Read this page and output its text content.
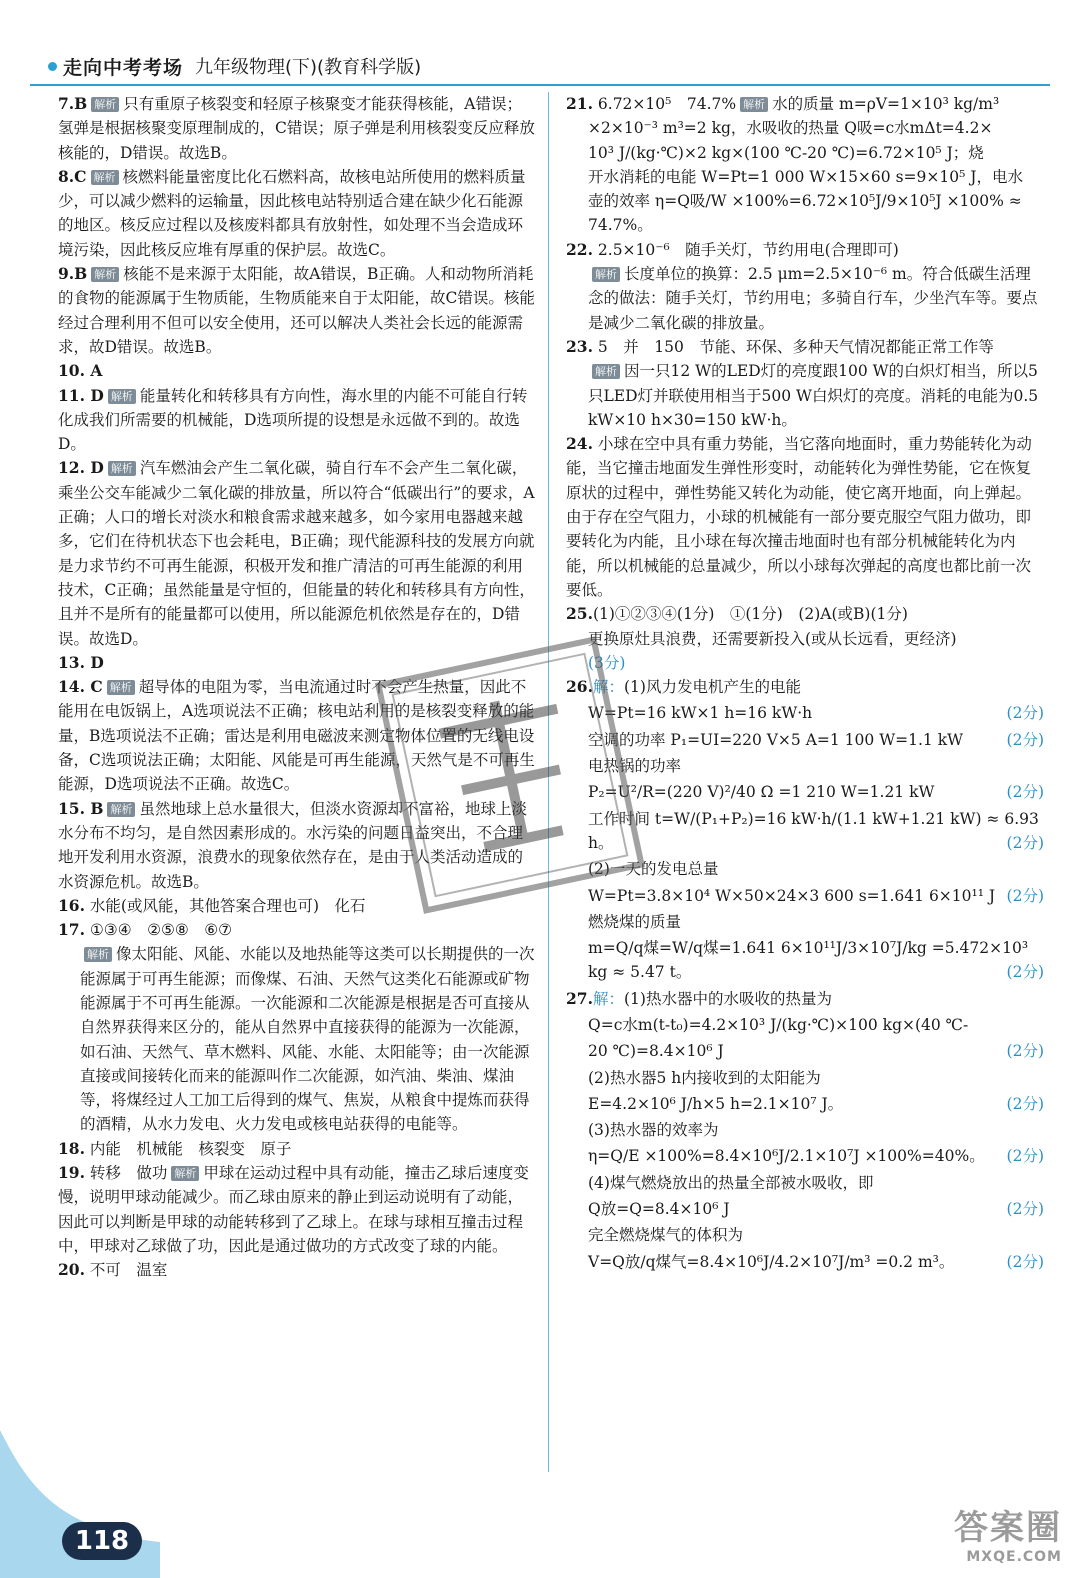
走向中考考场 九年级物理(下)(教育科学版)

7.B 解析 只有重原子核裂变和轻原子核聚变才能获得核能，A错误；氢弹是根据核聚变原理制成的，C错误；原子弹是利用核裂变反应释放核能的，D错误。故选B。

8.C 解析 核燃料能量密度比化石燃料高，故核电站所使用的燃料质量少，可以减少燃料的运输量，因此核电站特别适合建在缺少化石能源的地区。核反应过程以及核废料都具有放射性，如处理不当会造成环境污染，因此核反应堆有厚重的保护层。故选C。

9.B 解析 核能不是来源于太阳能，故A错误，B正确。人和动物所消耗的食物的能源属于生物质能，生物质能来自于太阳能，故C错误。核能经过合理利用不但可以安全使用，还可以解决人类社会长远的能源需求，故D错误。故选B。

10. A

11. D 解析 能量转化和转移具有方向性，海水里的内能不可能自行转化成我们所需要的机械能，D选项所提的设想是永远做不到的。故选D。

12. D 解析 汽车燃油会产生二氧化碳，骑自行车不会产生二氧化碳，乘坐公交车能减少二氧化碳的排放量，所以符合“低碳出行”的要求，A正确；人口的增长对淡水和粮食需求越来越多，如今家用电器越来越多，它们在待机状态下也会耗电，B正确；现代能源科技的发展方向就是力求节约不可再生能源，积极开发和推广清洁的可再生能源的利用技术，C正确；虽然能量是守恒的，但能量的转化和转移具有方向性，且并不是所有的能量都可以使用，所以能源危机依然是存在的，D错误。故选D。

13. D

14. C 解析 超导体的电阻为零，当电流通过时不会产生热量，因此不能用在电饭锅上，A选项说法不正确；核电站利用的是核裂变释放的能量，B选项说法不正确；雷达是利用电磁波来测定物体位置的无线电设备，C选项说法正确；太阳能、风能是可再生能源，天然气是不可再生能源，D选项说法不正确。故选C。

15. B 解析 虽然地球上总水量很大，但淡水资源却不富裕，地球上淡水分布不均匀，是自然因素形成的。水污染的问题日益突出，不合理地开发利用水资源，浪费水的现象依然存在，是由于人类活动造成的水资源危机。故选B。

16. 水能(或风能，其他答案合理也可)　化石

17. ①③④　②⑤⑧　⑥⑦

解析 像太阳能、风能、水能以及地热能等这类可以长期提供的一次能源属于可再生能源；而像煤、石油、天然气这类化石能源或矿物能源属于不可再生能源。一次能源和二次能源是根据是否可直接从自然界获得来区分的，能从自然界中直接获得的能源为一次能源，如石油、天然气、草木燃料、风能、水能、太阳能等；由一次能源直接或间接转化而来的能源叫作二次能源，如汽油、柴油、煤油等，将煤经过人工加工后得到的煤气、焦炭，从粮食中提炼而获得的酒精，从水力发电、火力发电或核电站获得的电能等。

18. 内能　机械能　核裂变　原子

19. 转移　做功 解析 甲球在运动过程中具有动能，撞击乙球后速度变慢，说明甲球动能减少。而乙球由原来的静止到运动说明有了动能，因此可以判断是甲球的动能转移到了乙球上。在球与球相互撞击过程中，甲球对乙球做了功，因此是通过做功的方式改变了球的内能。

20. 不可　温室

21. 6.72×10⁵　74.7% 解析 水的质量 m=ρV=1×10³ kg/m³

×2×10⁻³ m³=2 kg，水吸收的热量 Q吸=c水mΔt=4.2×

10³ J/(kg·℃)×2 kg×(100 ℃-20 ℃)=6.72×10⁵ J；烧

开水消耗的电能 W=Pt=1 000 W×15×60 s=9×10⁵ J，电水

壶的效率 η=Q吸/W ×100%=6.72×10⁵J/9×10⁵J ×100% ≈ 74.7%。

22. 2.5×10⁻⁶　随手关灯，节约用电(合理即可)

解析 长度单位的换算：2.5 μm=2.5×10⁻⁶ m。符合低碳生活理念的做法：随手关灯，节约用电；多骑自行车，少坐汽车等。要点是减少二氧化碳的排放量。

23. 5　并　150　节能、环保、多种天气情况都能正常工作等

解析 因一只12 W的LED灯的亮度跟100 W的白炽灯相当，所以5只LED灯并联使用相当于500 W白炽灯的亮度。消耗的电能为0.5 kW×10 h×30=150 kW·h。

24. 小球在空中具有重力势能，当它落向地面时，重力势能转化为动能，当它撞击地面发生弹性形变时，动能转化为弹性势能，它在恢复原状的过程中，弹性势能又转化为动能，使它离开地面，向上弹起。由于存在空气阻力，小球的机械能有一部分要克服空气阻力做功，即要转化为内能，且小球在每次撞击地面时也有部分机械能转化为内能，所以机械能的总量减少，所以小球每次弹起的高度也都比前一次要低。

25.(1)①②③④(1分)　①(1分)　(2)A(或B)(1分)

更换原灶具浪费，还需要新投入(或从长远看，更经济)

(3分)

26.解：(1)风力发电机产生的电能

W=Pt=16 kW×1 h=16 kW·h	(2分)

空调的功率 P₁=UI=220 V×5 A=1 100 W=1.1 kW	(2分)

电热锅的功率

P₂=U²/R=(220 V)²/40 Ω =1 210 W=1.21 kW	(2分)

工作时间 t=W/(P₁+P₂)=16 kW·h/(1.1 kW+1.21 kW) ≈ 6.93 h。	(2分)

(2)一天的发电总量

W=Pt=3.8×10⁴ W×50×24×3 600 s=1.641 6×10¹¹ J (2分)

燃烧煤的质量

m=Q/q煤=W/q煤=1.641 6×10¹¹J/3×10⁷J/kg =5.472×10³ kg ≈ 5.47 t。	(2分)

27.解：(1)热水器中的水吸收的热量为

Q=c水m(t-t₀)=4.2×10³ J/(kg·℃)×100 kg×(40 ℃-

20 ℃)=8.4×10⁶ J	(2分)

(2)热水器5 h内接收到的太阳能为

E=4.2×10⁶ J/h×5 h=2.1×10⁷ J。	(2分)

(3)热水器的效率为

η=Q/E ×100%=8.4×10⁶J/2.1×10⁷J ×100%=40%。 (2分)

(4)煤气燃烧放出的热量全部被水吸收，即

Q放=Q=8.4×10⁶ J	(2分)

完全燃烧煤气的体积为

V=Q放/q煤气=8.4×10⁶J/4.2×10⁷J/m³ =0.2 m³。	(2分)

118	答案圈
MXQE.COM
